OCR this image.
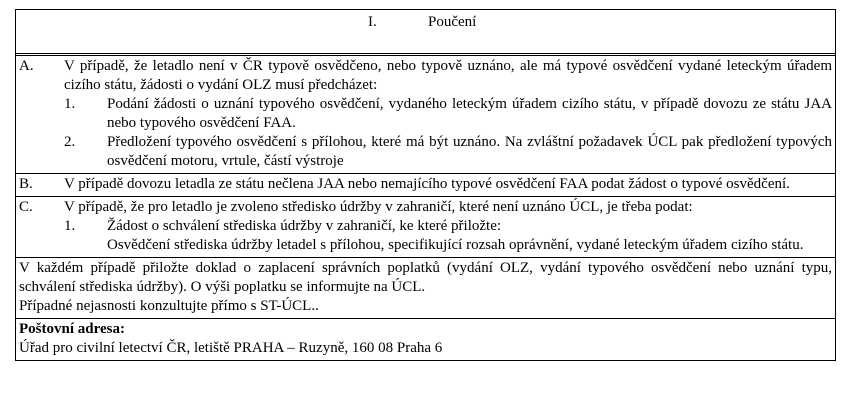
I.	Poučení
A. V případě, že letadlo není v ČR typově osvědčeno, nebo typově uznáno, ale má typové osvědčení vydané leteckým úřadem cizího státu, žádosti o vydání OLZ musí předcházet:
1. Podání žádosti o uznání typového osvědčení, vydaného leteckým úřadem cizího státu, v případě dovozu ze státu JAA nebo typového osvědčení FAA.
2. Předložení typového osvědčení s přílohou, které má být uznáno. Na zvláštní požadavek ÚCL pak předložení typových osvědčení motoru, vrtule, částí výstroje
B. V případě dovozu letadla ze státu nečlena JAA nebo nemajícího typové osvědčení FAA podat žádost o typové osvědčení.
C. V případě, že pro letadlo je zvoleno středisko údržby v zahraničí, které není uznáno ÚCL, je třeba podat:
1. Žádost o schválení střediska údržby v zahraničí, ke které přiložte:
Osvědčení střediska údržby letadel s přílohou, specifikující rozsah oprávnění, vydané leteckým úřadem cizího státu.
V každém případě přiložte doklad o zaplacení správních poplatků (vydání OLZ, vydání typového osvědčení nebo uznání typu, schválení střediska údržby). O výši poplatku se informujte na ÚCL.
Případné nejasnosti konzultujte přímo s ST-ÚCL..
Poštovní adresa:
Úřad pro civilní letectví ČR, letiště PRAHA – Ruzyně, 160 08 Praha 6
